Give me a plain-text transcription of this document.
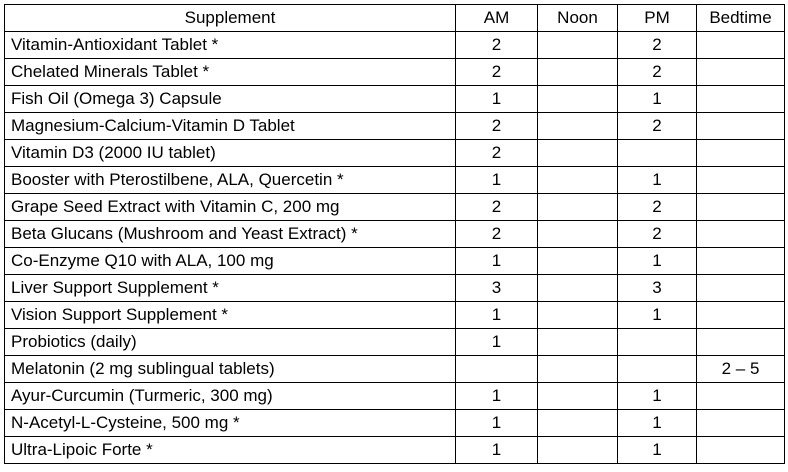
Supplement	AM	Noon	PM	Bedtime
Vitamin-Antioxidant Tablet *	2		2	
Chelated Minerals Tablet *	2		2	
Fish Oil (Omega 3) Capsule	1		1	
Magnesium-Calcium-Vitamin D Tablet	2		2	
Vitamin D3 (2000 IU tablet)	2			
Booster with Pterostilbene, ALA, Quercetin *	1		1	
Grape Seed Extract with Vitamin C, 200 mg	2		2	
Beta Glucans (Mushroom and Yeast Extract) *	2		2	
Co-Enzyme Q10 with ALA, 100 mg	1		1	
Liver Support Supplement *	3		3	
Vision Support Supplement *	1		1	
Probiotics (daily)	1			
Melatonin (2 mg sublingual tablets)				2 – 5
Ayur-Curcumin (Turmeric, 300 mg)	1		1	
N-Acetyl-L-Cysteine, 500 mg *	1		1	
Ultra-Lipoic Forte *	1		1	
